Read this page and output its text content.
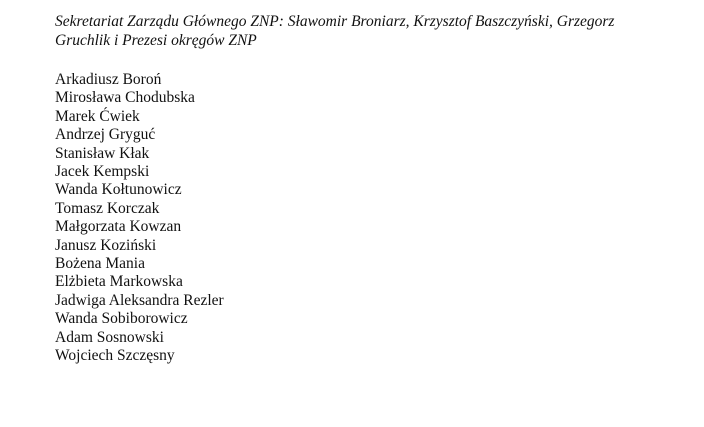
Sekretariat Zarządu Głównego ZNP: Sławomir Broniarz, Krzysztof Baszczyński, Grzegorz
Gruchlik i Prezesi okręgów ZNP

Arkadiusz Boroń
Mirosława Chodubska
Marek Ćwiek
Andrzej Gryguć
Stanisław Kłak
Jacek Kempski
Wanda Kołtunowicz
Tomasz Korczak
Małgorzata Kowzan
Janusz Koziński
Bożena Mania
Elżbieta Markowska
Jadwiga Aleksandra Rezler
Wanda Sobiborowicz
Adam Sosnowski
Wojciech Szczęsny
